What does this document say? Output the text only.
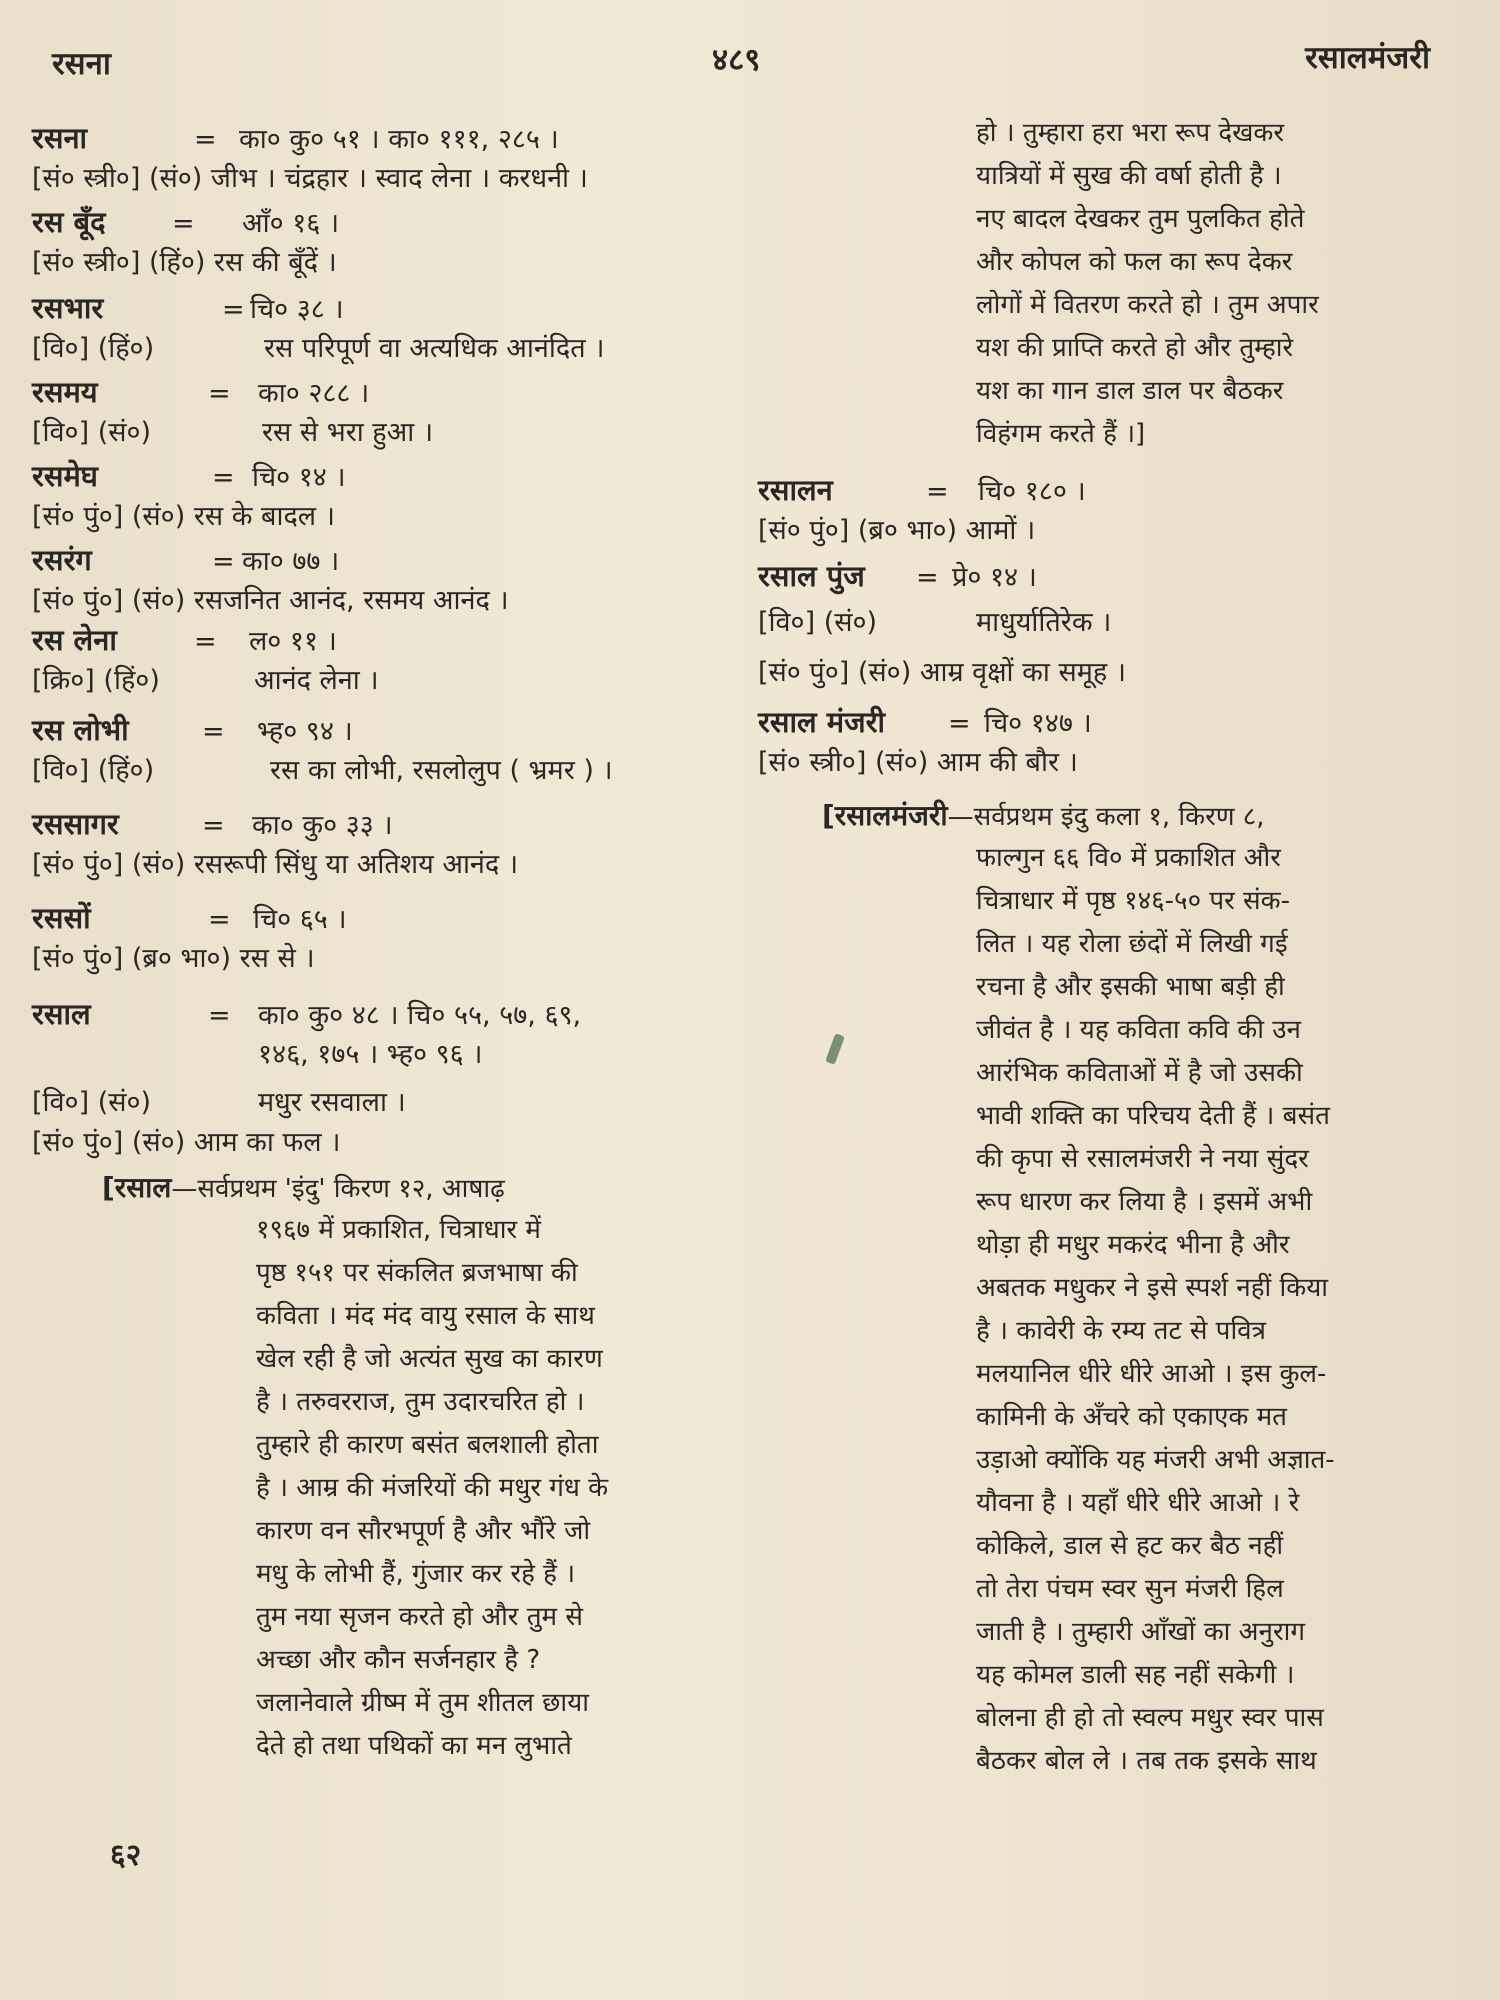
रसना	४८९	रसालमंजरी
रसना	= का० कु० ५१ । का० १११, २८५ ।
[सं० स्त्री०] (सं०)
जीभ । चंद्रहार । स्वाद लेना । करधनी ।
रस बूँद	=	आँ० १६ ।
[सं० स्त्री०] (हिं०)
रस की बूँदें ।
रसभार	= चि० ३८ ।
[वि०] (हिं०)	रस परिपूर्ण वा अत्यधिक आनंदित ।
रसमय	=	का० २८८ ।
[वि०] (सं०)	रस से भरा हुआ ।
रसमेघ	= चि० १४ ।
[सं० पुं०] (सं०)
रस के बादल ।
रसरंग	= का० ७७ ।
[सं० पुं०] (सं०)
रसजनित आनंद, रसमय आनंद ।
रस लेना	=	ल० ११ ।
[क्रि०] (हिं०)	आनंद लेना ।
रस लोभी	=	भ्ह० ९४ ।
[वि०] (हिं०)	रस का लोभी, रसलोलुप ( भ्रमर ) ।
रससागर	=	का० कु० ३३ ।
[सं० पुं०] (सं०)
रसरूपी सिंधु या अतिशय आनंद ।
रससों	= चि० ६५ ।
[सं० पुं०] (ब्र० भा०)
रस से ।
रसाल	=	का० कु० ४८ । चि० ५५, ५७, ६९,
१४६, १७५ । भ्ह० ९६ ।
[वि०] (सं०)	मधुर रसवाला ।
[सं० पुं०] (सं०)
आम का फल ।
[रसाल—सर्वप्रथम 'इंदु' किरण १२, आषाढ़
१९६७ में प्रकाशित, चित्राधार में
पृष्ठ १५१ पर संकलित ब्रजभाषा की
कविता । मंद मंद वायु रसाल के साथ
खेल रही है जो अत्यंत सुख का कारण
है । तरुवरराज, तुम उदारचरित हो ।
तुम्हारे ही कारण बसंत बलशाली होता
है । आम्र की मंजरियों की मधुर गंध के
कारण वन सौरभपूर्ण है और भौंरे जो
मधु के लोभी हैं, गुंजार कर रहे हैं ।
तुम नया सृजन करते हो और तुम से
अच्छा और कौन सर्जनहार है ?
जलानेवाले ग्रीष्म में तुम शीतल छाया
देते हो तथा पथिकों का मन लुभाते
हो । तुम्हारा हरा भरा रूप देखकर
यात्रियों में सुख की वर्षा होती है ।
नए बादल देखकर तुम पुलकित होते
और कोपल को फल का रूप देकर
लोगों में वितरण करते हो । तुम अपार
यश की प्राप्ति करते हो और तुम्हारे
यश का गान डाल डाल पर बैठकर
विहंगम करते हैं ।]
रसालन	=	चि० १८० ।
[सं० पुं०] (ब्र० भा०)
आमों ।
रसाल पुंज	= प्रे० १४ ।
[वि०] (सं०)	माधुर्यातिरेक ।
[सं० पुं०] (सं०)
आम्र वृक्षों का समूह ।
रसाल मंजरी	= चि० १४७ ।
[सं० स्त्री०] (सं०)
आम की बौर ।
[रसालमंजरी—सर्वप्रथम इंदु कला १, किरण ८,
फाल्गुन ६६ वि० में प्रकाशित और
चित्राधार में पृष्ठ १४६-५० पर संक-
लित । यह रोला छंदों में लिखी गई
रचना है और इसकी भाषा बड़ी ही
जीवंत है । यह कविता कवि की उन
आरंभिक कविताओं में है जो उसकी
भावी शक्ति का परिचय देती हैं । बसंत
की कृपा से रसालमंजरी ने नया सुंदर
रूप धारण कर लिया है । इसमें अभी
थोड़ा ही मधुर मकरंद भीना है और
अबतक मधुकर ने इसे स्पर्श नहीं किया
है । कावेरी के रम्य तट से पवित्र
मलयानिल धीरे धीरे आओ । इस कुल-
कामिनी के अँचरे को एकाएक मत
उड़ाओ क्योंकि यह मंजरी अभी अज्ञात-
यौवना है । यहाँ धीरे धीरे आओ । रे
कोकिले, डाल से हट कर बैठ नहीं
तो तेरा पंचम स्वर सुन मंजरी हिल
जाती है । तुम्हारी आँखों का अनुराग
यह कोमल डाली सह नहीं सकेगी ।
बोलना ही हो तो स्वल्प मधुर स्वर पास
बैठकर बोल ले । तब तक इसके साथ
६२
